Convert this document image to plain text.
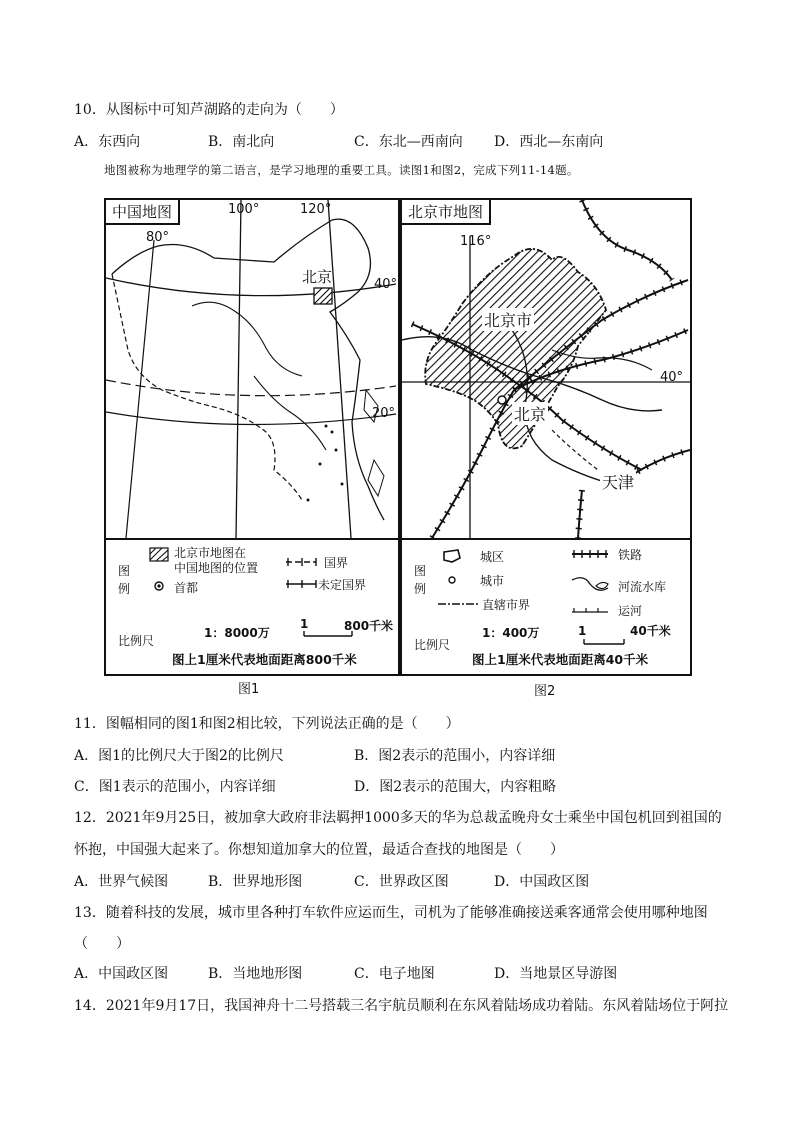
10．从图标中可知芦湖路的走向为（　　）
A．东西向	B．南北向	C．东北—西南向 D．西北—东南向
地图被称为地理学的第二语言，是学习地理的重要工具。读图1和图2，完成下列11-14题。
中国地图	100°	120°
80°
40°
20°
北京
图
例
北京市地图在
中国地图的位置
首都
国界
未定国界
比例尺
1：8000万
1	800千米
图上1厘米代表地面距离800千米
图1
北京市地图
116°
40°
北京市
北京
天津
图
例
城区
城市
直辖市界
铁路
河流水库
运河
比例尺
1：400万	1	40千米
图上1厘米代表地面距离40千米
图2
11．图幅相同的图1和图2相比较，下列说法正确的是（　　）
A．图1的比例尺大于图2的比例尺	B．图2表示的范围小，内容详细
C．图1表示的范围小，内容详细	D．图2表示的范围大，内容粗略
12．2021年9月25日，被加拿大政府非法羁押1000多天的华为总裁孟晚舟女士乘坐中国包机回到祖国的
怀抱，中国强大起来了。你想知道加拿大的位置，最适合查找的地图是（　　）
A．世界气候图	B．世界地形图	C．世界政区图	D．中国政区图
13．随着科技的发展，城市里各种打车软件应运而生，司机为了能够准确接送乘客通常会使用哪种地图
（　　）
A．中国政区图	B．当地地形图	C．电子地图	D．当地景区导游图
14．2021年9月17日，我国神舟十二号搭载三名宇航员顺利在东风着陆场成功着陆。东风着陆场位于阿拉
